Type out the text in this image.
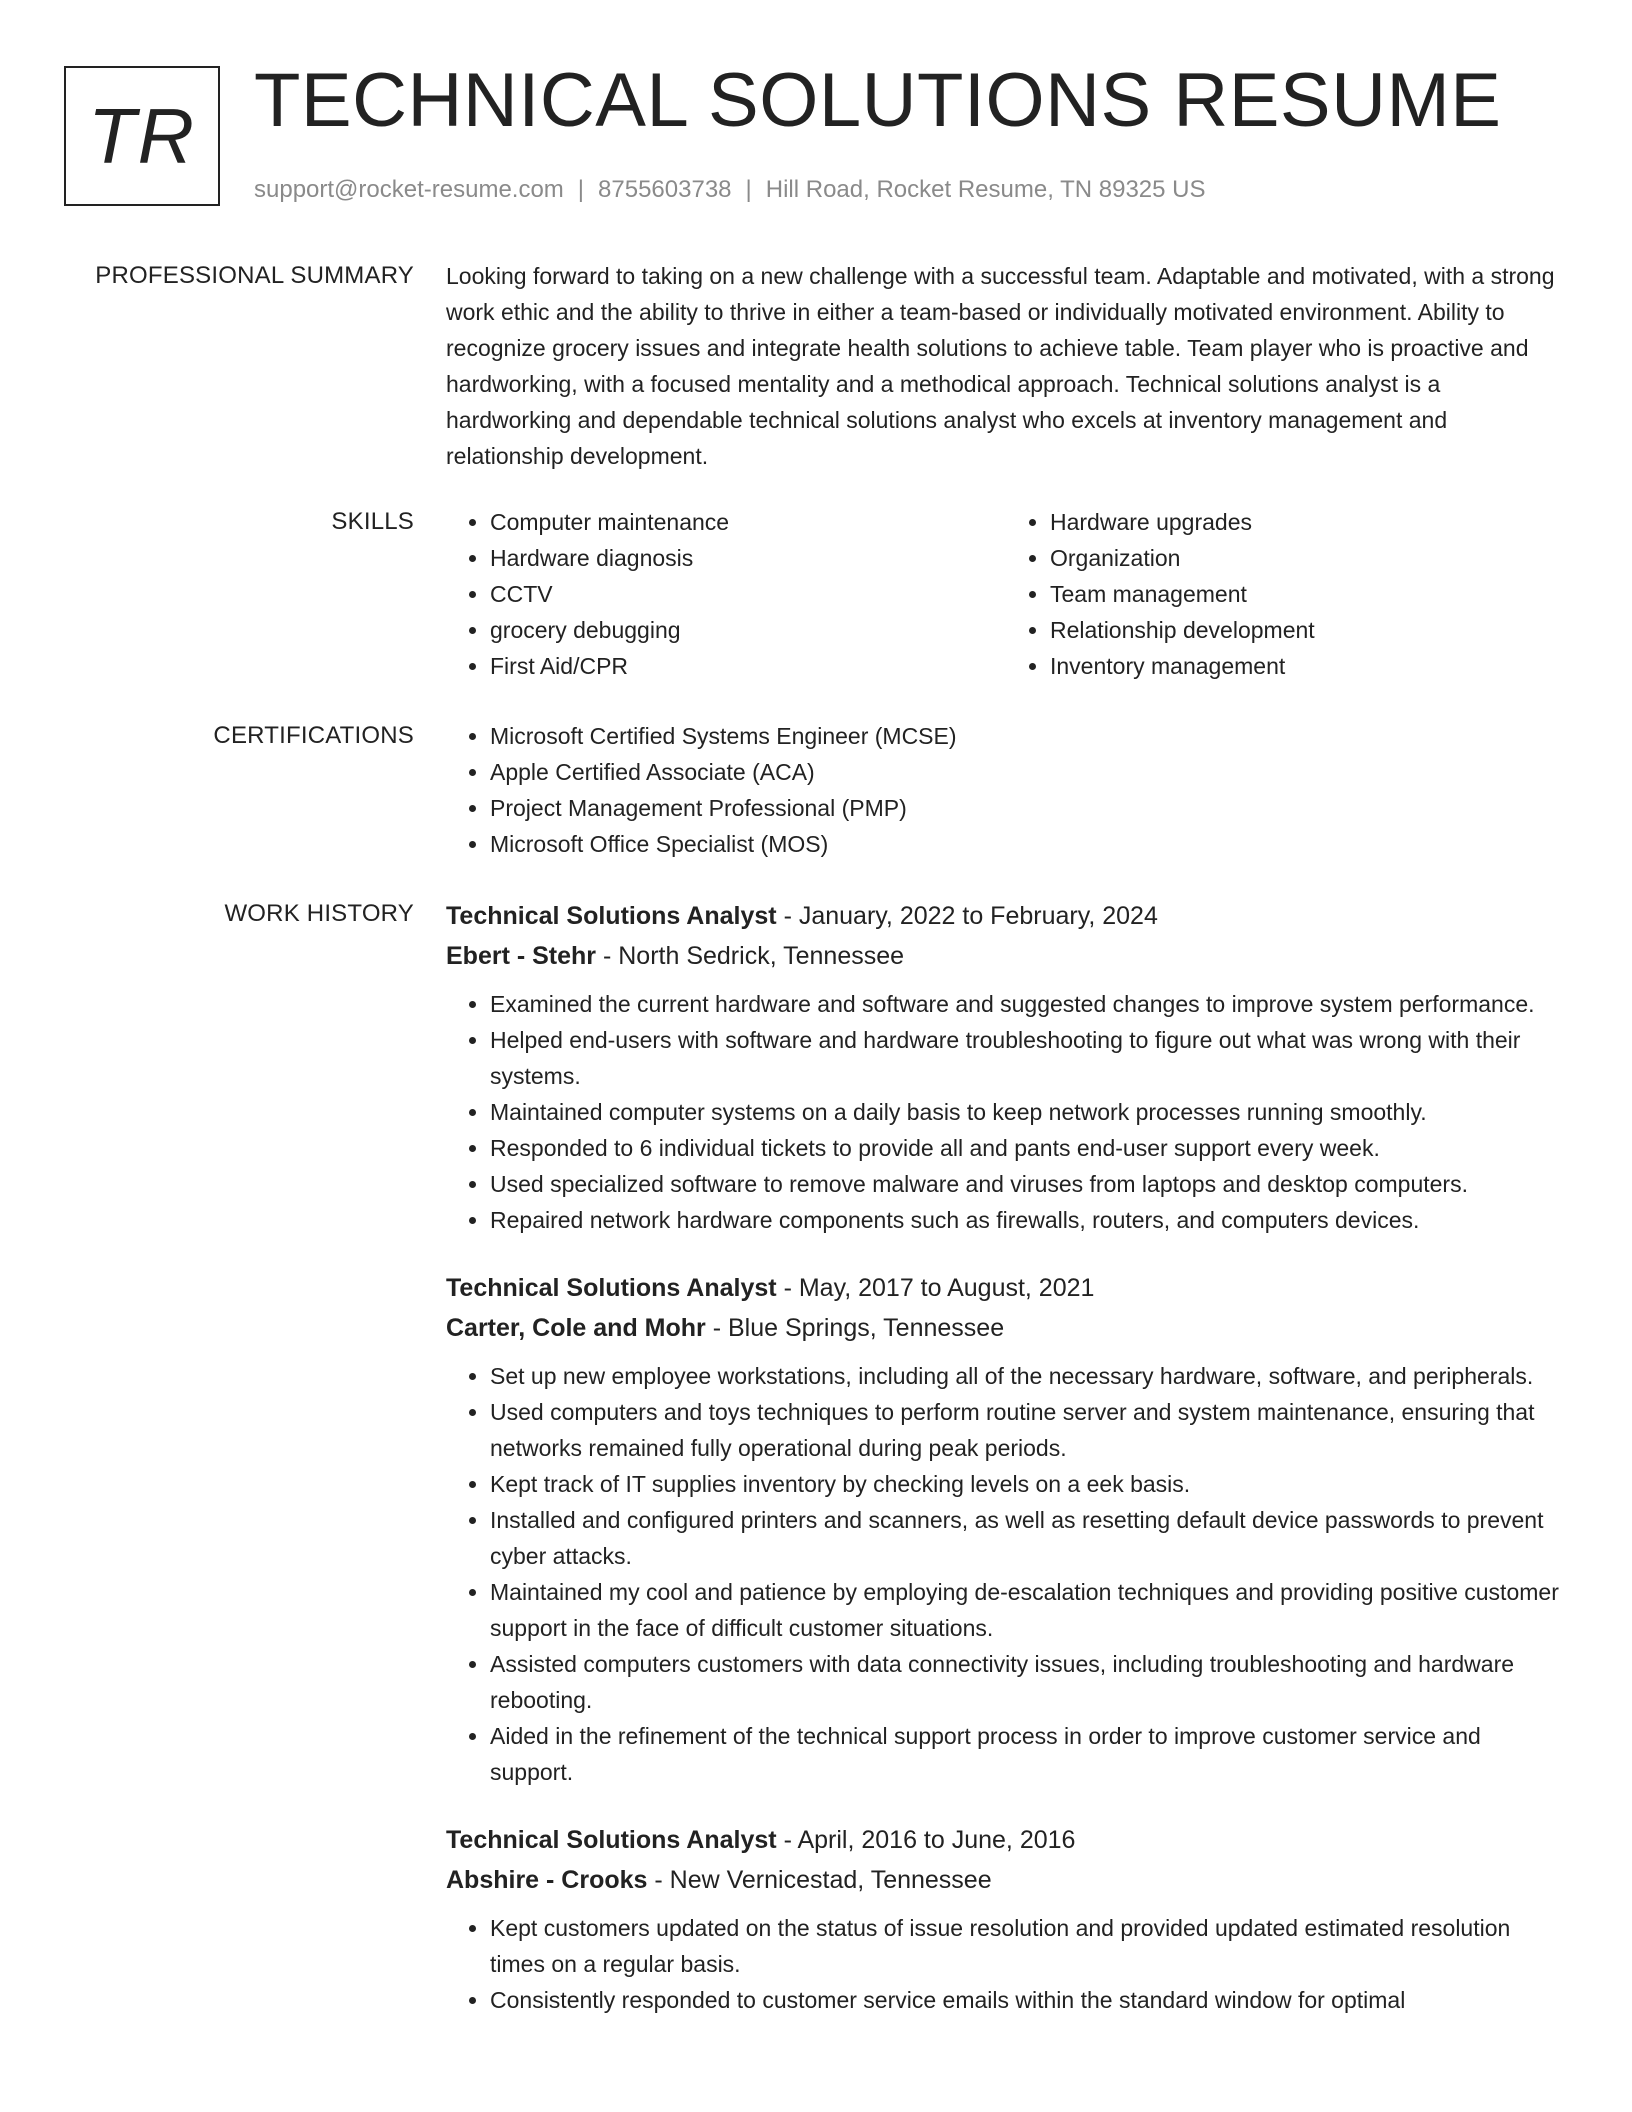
TR TECHNICAL SOLUTIONS RESUME
support@rocket-resume.com | 8755603738 | Hill Road, Rocket Resume, TN 89325 US
PROFESSIONAL SUMMARY Looking forward to taking on a new challenge with a successful team. Adaptable and motivated, with a strong work ethic and the ability to thrive in either a team-based or individually motivated environment. Ability to recognize grocery issues and integrate health solutions to achieve table. Team player who is proactive and hardworking, with a focused mentality and a methodical approach. Technical solutions analyst is a hardworking and dependable technical solutions analyst who excels at inventory management and relationship development.
SKILLS	• Computer maintenance
• Hardware diagnosis
• CCTV
• grocery debugging
• First Aid/CPR
• Hardware upgrades
• Organization
• Team management
• Relationship development
• Inventory management
CERTIFICATIONS	• Microsoft Certified Systems Engineer (MCSE)
• Apple Certified Associate (ACA)
• Project Management Professional (PMP)
• Microsoft Office Specialist (MOS)
WORK HISTORY Technical Solutions Analyst - January, 2022 to February, 2024
Ebert - Stehr - North Sedrick, Tennessee
• Examined the current hardware and software and suggested changes to improve system performance.
• Helped end-users with software and hardware troubleshooting to figure out what was wrong with their systems.
• Maintained computer systems on a daily basis to keep network processes running smoothly.
• Responded to 6 individual tickets to provide all and pants end-user support every week.
• Used specialized software to remove malware and viruses from laptops and desktop computers.
• Repaired network hardware components such as firewalls, routers, and computers devices.
Technical Solutions Analyst - May, 2017 to August, 2021
Carter, Cole and Mohr - Blue Springs, Tennessee
• Set up new employee workstations, including all of the necessary hardware, software, and peripherals.
• Used computers and toys techniques to perform routine server and system maintenance, ensuring that networks remained fully operational during peak periods.
• Kept track of IT supplies inventory by checking levels on a eek basis.
• Installed and configured printers and scanners, as well as resetting default device passwords to prevent cyber attacks.
• Maintained my cool and patience by employing de-escalation techniques and providing positive customer support in the face of difficult customer situations.
• Assisted computers customers with data connectivity issues, including troubleshooting and hardware rebooting.
• Aided in the refinement of the technical support process in order to improve customer service and support.
Technical Solutions Analyst - April, 2016 to June, 2016
Abshire - Crooks - New Vernicestad, Tennessee
• Kept customers updated on the status of issue resolution and provided updated estimated resolution times on a regular basis.
• Consistently responded to customer service emails within the standard window for optimal
